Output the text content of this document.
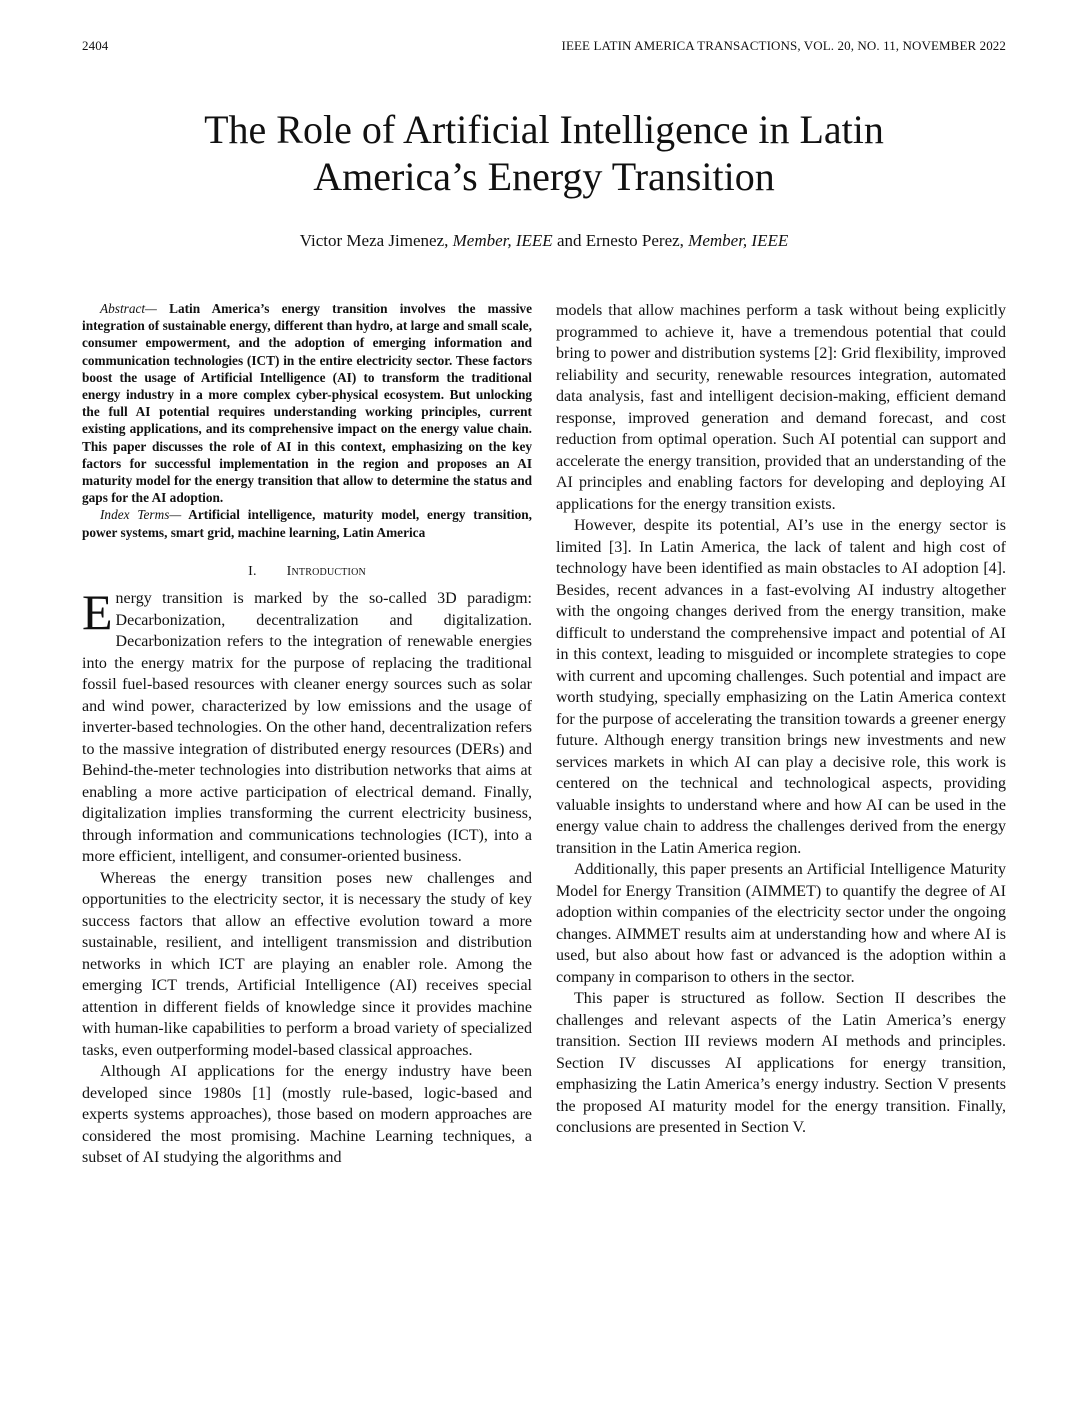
2404	IEEE LATIN AMERICA TRANSACTIONS, VOL. 20, NO. 11, NOVEMBER 2022
The Role of Artificial Intelligence in Latin
America’s Energy Transition
Victor Meza Jimenez, Member, IEEE and Ernesto Perez, Member, IEEE

Abstract— Latin America’s energy transition involves the massive integration of sustainable energy, different than hydro, at large and small scale, consumer empowerment, and the adoption of emerging information and communication technologies (ICT) in the entire electricity sector. These factors boost the usage of Artificial Intelligence (AI) to transform the traditional energy industry in a more complex cyber-physical ecosystem. But unlocking the full AI potential requires understanding working principles, current existing applications, and its comprehensive impact on the energy value chain. This paper discusses the role of AI in this context, emphasizing on the key factors for successful implementation in the region and proposes an AI maturity model for the energy transition that allow to determine the status and gaps for the AI adoption.

Index Terms— Artificial intelligence, maturity model, energy transition, power systems, smart grid, machine learning, Latin America

I. Introduction

Energy transition is marked by the so-called 3D paradigm: Decarbonization, decentralization and digitalization. Decarbonization refers to the integration of renewable energies into the energy matrix for the purpose of replacing the traditional fossil fuel-based resources with cleaner energy sources such as solar and wind power, characterized by low emissions and the usage of inverter-based technologies. On the other hand, decentralization refers to the massive integration of distributed energy resources (DERs) and Behind-the-meter technologies into distribution networks that aims at enabling a more active participation of electrical demand. Finally, digitalization implies transforming the current electricity business, through information and communications technologies (ICT), into a more efficient, intelligent, and consumer-oriented business.

Whereas the energy transition poses new challenges and opportunities to the electricity sector, it is necessary the study of key success factors that allow an effective evolution toward a more sustainable, resilient, and intelligent transmission and distribution networks in which ICT are playing an enabler role. Among the emerging ICT trends, Artificial Intelligence (AI) receives special attention in different fields of knowledge since it provides machine with human-like capabilities to perform a broad variety of specialized tasks, even outperforming model-based classical approaches.

Although AI applications for the energy industry have been developed since 1980s [1] (mostly rule-based, logic-based and experts systems approaches), those based on modern approaches are considered the most promising. Machine Learning techniques, a subset of AI studying the algorithms and

models that allow machines perform a task without being explicitly programmed to achieve it, have a tremendous potential that could bring to power and distribution systems [2]: Grid flexibility, improved reliability and security, renewable resources integration, automated data analysis, fast and intelligent decision-making, efficient demand response, improved generation and demand forecast, and cost reduction from optimal operation. Such AI potential can support and accelerate the energy transition, provided that an understanding of the AI principles and enabling factors for developing and deploying AI applications for the energy transition exists.

However, despite its potential, AI’s use in the energy sector is limited [3]. In Latin America, the lack of talent and high cost of technology have been identified as main obstacles to AI adoption [4]. Besides, recent advances in a fast-evolving AI industry altogether with the ongoing changes derived from the energy transition, make difficult to understand the comprehensive impact and potential of AI in this context, leading to misguided or incomplete strategies to cope with current and upcoming challenges. Such potential and impact are worth studying, specially emphasizing on the Latin America context for the purpose of accelerating the transition towards a greener energy future. Although energy transition brings new investments and new services markets in which AI can play a decisive role, this work is centered on the technical and technological aspects, providing valuable insights to understand where and how AI can be used in the energy value chain to address the challenges derived from the energy transition in the Latin America region.

Additionally, this paper presents an Artificial Intelligence Maturity Model for Energy Transition (AIMMET) to quantify the degree of AI adoption within companies of the electricity sector under the ongoing changes. AIMMET results aim at understanding how and where AI is used, but also about how fast or advanced is the adoption within a company in comparison to others in the sector.

This paper is structured as follow. Section II describes the challenges and relevant aspects of the Latin America’s energy transition. Section III reviews modern AI methods and principles. Section IV discusses AI applications for energy transition, emphasizing the Latin America’s energy industry. Section V presents the proposed AI maturity model for the energy transition. Finally, conclusions are presented in Section V.
